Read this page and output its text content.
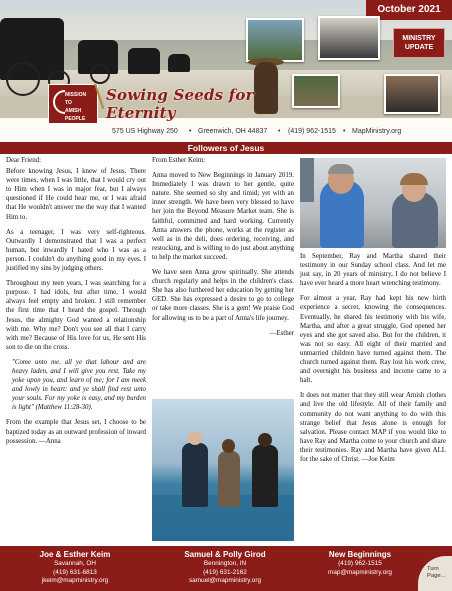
October 2021
MINISTRY
UPDATE
MISSION
TO
AMISH
PEOPLE
Sowing Seeds for Eternity
575 US Highway 250 • Greenwich, OH 44837 • (419) 962-1515 • MapMinistry.org
Followers of Jesus

Dear Friend:

Before knowing Jesus, I knew of Jesus. There were times, when I was little, that I would cry out to Him when I was in major fear, but I always questioned if He could hear me, or I was afraid that He wouldn't answer me the way that I wanted Him to.

As a teenager, I was very self-righteous. Outwardly I demonstrated that I was a perfect human, but inwardly I hated who I was as a person. I couldn't do anything good in my eyes. I justified my sins by judging others.

Throughout my teen years, I was searching for a purpose. I had idols, but after time, I would always feel empty and broken. I still remember the first time that I heard the gospel. Through Jesus, the almighty God wanted a relationship with me. Why me? Don't you see all that I carry with me? Because of His love for us, He sent His son to die on the cross.

"Come unto me, all ye that labour and are heavy laden, and I will give you rest. Take my yoke upon you, and learn of me; for I am meek and lowly in heart: and ye shall find rest unto your souls. For my yoke is easy, and my burden is light" (Matthew 11:28-30).

From the example that Jesus set, I choose to be baptized today as an outward profession of inward possession. —Anna

From Esther Keim:

Anna moved to New Beginnings in January 2019. Immediately I was drawn to her gentle, quite nature. She seemed so shy and timid; yet with an inner strength. We have been very blessed to have her join the Beyond Measure Market team. She is faithful, committed and hard working. Currently Anna answers the phone, works at the register as well as in the deli, does ordering, receiving, and restocking, and is willing to do just about anything to help the market succeed.

We have seen Anna grow spiritually. She attends church regularly and helps in the children's class. She has also furthered her education by getting her GED. She has expressed a desire to go to college or take more classes. She is a gem! We praise God for allowing us to be a part of Anna's life journey.

—Esther

In September, Ray and Martha shared their testimony in our Sunday school class. And let me just say, in 20 years of ministry, I do not believe I have ever heard a more heart wrenching testimony.

For almost a year, Ray had kept his new birth experience a secret, knowing the consequences. Eventually, he shared his testimony with his wife, Martha, and after a great struggle, God opened her eyes and she got saved also. But for the children, it was not so easy. All eight of their married and unmarried children have turned against them. The church turned against them. Ray lost his work crew, and overnight his business and income came to a halt.

It does not matter that they still wear Amish clothes and live the old lifestyle. All of their family and community do not want anything to do with this strange belief that Jesus alone is enough for salvation. Please contact MAP if you would like to have Ray and Martha come to your church and share their testimonies. Ray and Martha have given ALL for the sake of Christ. —Joe Keim

Joe & Esther Keim
Savannah, OH
(419) 631-6813
jkeim@mapministry.org
Samuel & Polly Girod
Bennington, IN
(419) 631-2162
samuel@mapministry.org
New Beginnings
(419) 962-1515
map@mapministry.org	Turn
Page...
